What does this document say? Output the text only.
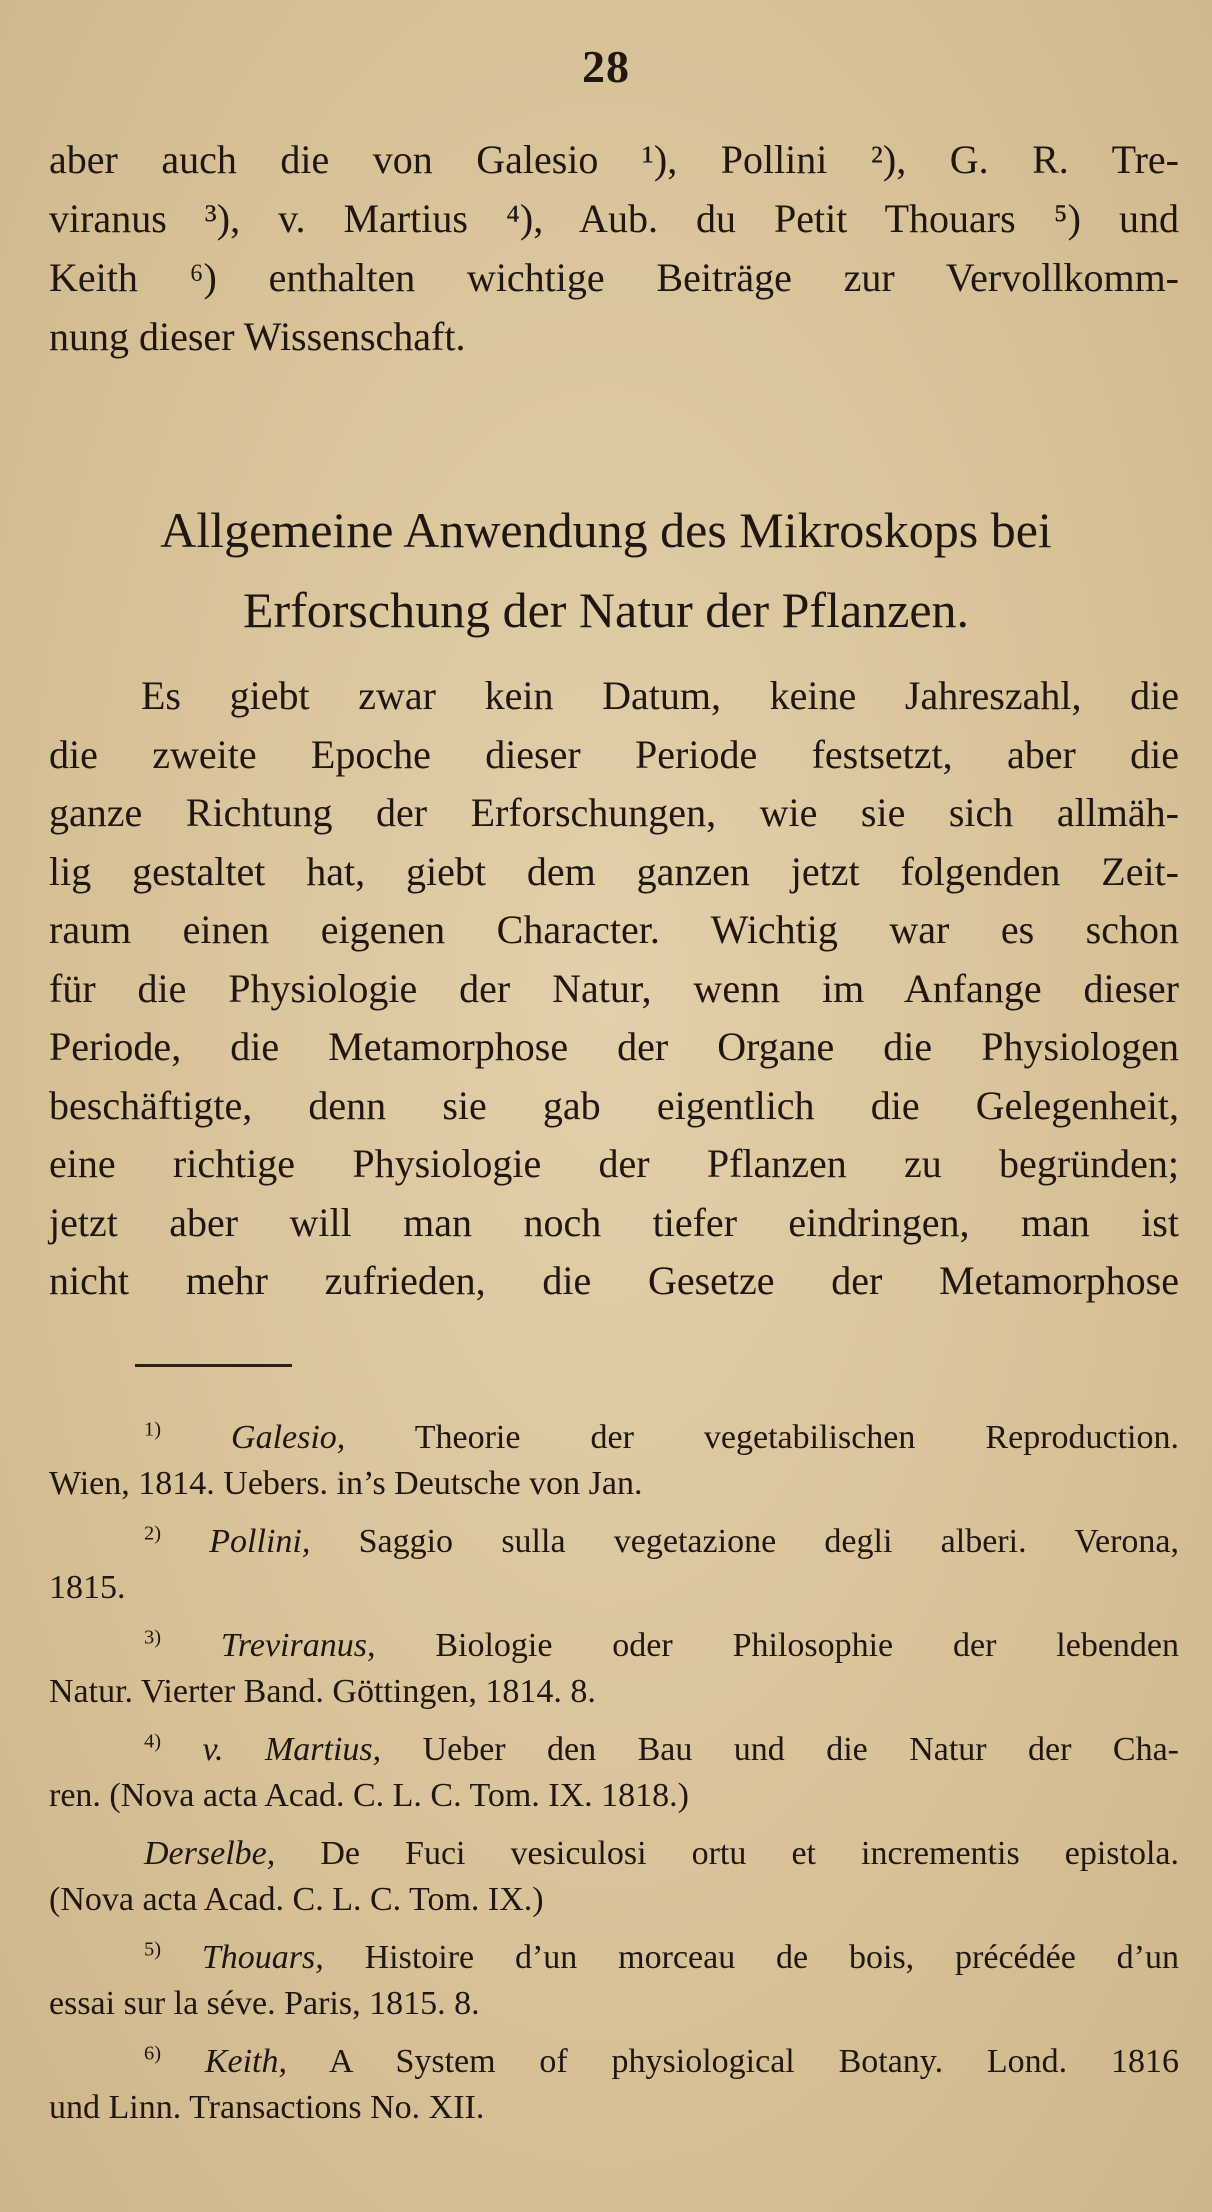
28
aber auch die von Galesio ¹), Pollini ²), G. R. Tre-
viranus ³), v. Martius ⁴), Aub. du Petit Thouars ⁵) und
Keith ⁶) enthalten wichtige Beiträge zur Vervollkomm-
nung dieser Wissenschaft.
Allgemeine Anwendung des Mikroskops bei
Erforschung der Natur der Pflanzen.
Es giebt zwar kein Datum, keine Jahreszahl, die
die zweite Epoche dieser Periode festsetzt, aber die
ganze Richtung der Erforschungen, wie sie sich allmäh-
lig gestaltet hat, giebt dem ganzen jetzt folgenden Zeit-
raum einen eigenen Character. Wichtig war es schon
für die Physiologie der Natur, wenn im Anfange dieser
Periode, die Metamorphose der Organe die Physiologen
beschäftigte, denn sie gab eigentlich die Gelegenheit,
eine richtige Physiologie der Pflanzen zu begründen;
jetzt aber will man noch tiefer eindringen, man ist
nicht mehr zufrieden, die Gesetze der Metamorphose
$^{1)}$ Galesio, Theorie der vegetabilischen Reproduction.
Wien, 1814. Uebers. in’s Deutsche von Jan.
$^{2)}$ Pollini, Saggio sulla vegetazione degli alberi. Verona,
1815.
$^{3)}$ Treviranus, Biologie oder Philosophie der lebenden
Natur. Vierter Band. Göttingen, 1814. 8.
$^{4)}$ v. Martius, Ueber den Bau und die Natur der Cha-
ren. (Nova acta Acad. C. L. C. Tom. IX. 1818.)
Derselbe, De Fuci vesiculosi ortu et incrementis epistola.
(Nova acta Acad. C. L. C. Tom. IX.)
$^{5)}$ Thouars, Histoire d’un morceau de bois, précédée d’un
essai sur la séve. Paris, 1815. 8.
$^{6)}$ Keith, A System of physiological Botany. Lond. 1816
und Linn. Transactions No. XII.
